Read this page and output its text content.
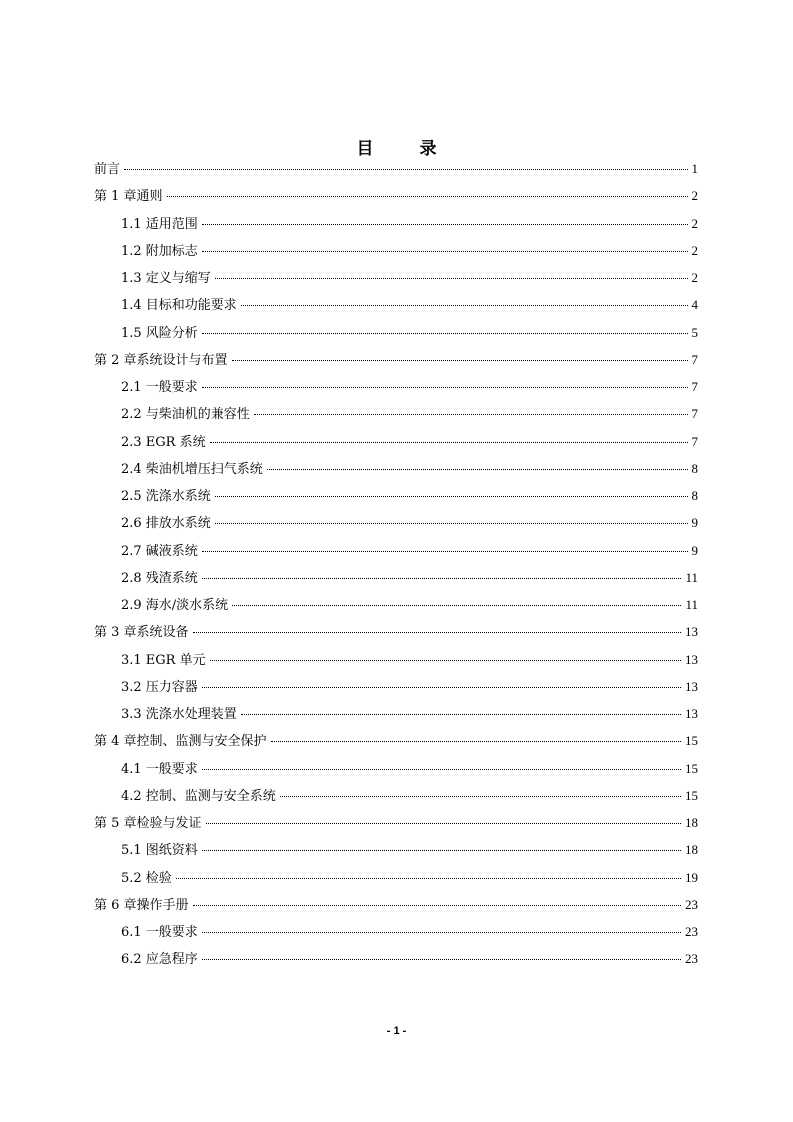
目 录
前言	1
第 1 章通则	2
1.1 适用范围	2
1.2 附加标志	2
1.3 定义与缩写	2
1.4 目标和功能要求	4
1.5 风险分析	5
第 2 章系统设计与布置	7
2.1 一般要求	7
2.2 与柴油机的兼容性	7
2.3 EGR 系统	7
2.4 柴油机增压扫气系统	8
2.5 洗涤水系统	8
2.6 排放水系统	9
2.7 碱液系统	9
2.8 残渣系统	11
2.9 海水/淡水系统	11
第 3 章系统设备	13
3.1 EGR 单元	13
3.2 压力容器	13
3.3 洗涤水处理装置	13
第 4 章控制、监测与安全保护	15
4.1 一般要求	15
4.2 控制、监测与安全系统	15
第 5 章检验与发证	18
5.1 图纸资料	18
5.2 检验	19
第 6 章操作手册	23
6.1 一般要求	23
6.2 应急程序	23
- 1 -
